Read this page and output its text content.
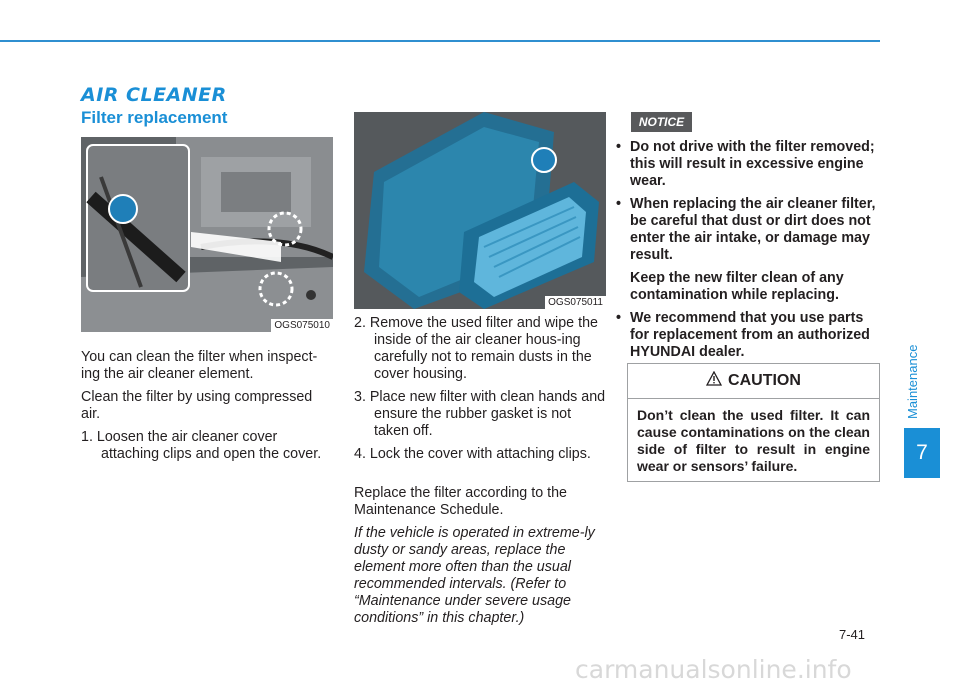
AIR CLEANER
Filter replacement
OGS075010
OGS075011

You can clean the filter when inspect-ing the air cleaner element.

Clean the filter by using compressed air.

1. Loosen the air cleaner cover attaching clips and open the cover.

2. Remove the used filter and wipe the inside of the air cleaner hous-ing carefully not to remain dusts in the cover housing.

3. Place new filter with clean hands and ensure the rubber gasket is not taken off.

4. Lock the cover with attaching clips.

Replace the filter according to the Maintenance Schedule.

If the vehicle is operated in extreme-ly dusty or sandy areas, replace the element more often than the usual recommended intervals. (Refer to “Maintenance under severe usage conditions” in this chapter.)

NOTICE
• Do not drive with the filter removed; this will result in excessive engine wear.
• When replacing the air cleaner filter, be careful that dust or dirt does not enter the air intake, or damage may result.
Keep the new filter clean of any contamination while replacing.
• We recommend that you use parts for replacement from an authorized HYUNDAI dealer.
CAUTION
Don’t clean the used filter. It can cause contaminations on the clean side of filter to result in engine wear or sensors’ failure.
Maintenance
7
7-41
carmanualsonline.info
